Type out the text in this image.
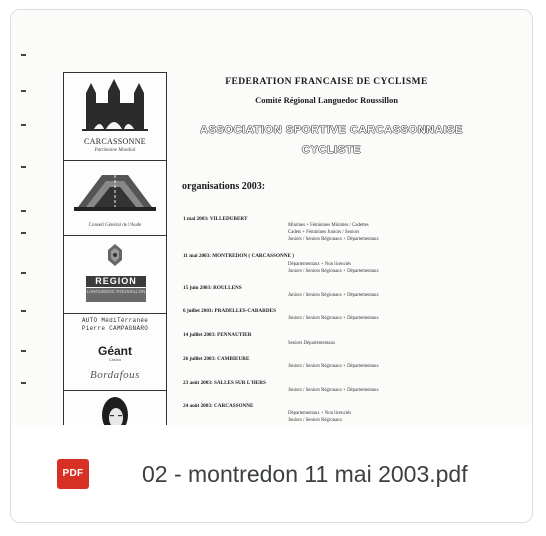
CARCASSONNE
Patrimoine Mondial
Conseil Général de l'Aude
REGION
LANGUEDOC ROUSSILLON
AUTO MédiTérranée
Pierre CAMPAGNARO
Géant
Casino
Bordafous
FEDERATION FRANCAISE DE CYCLISME
Comité Régional Languedoc Roussillon
ASSOCIATION SPORTIVE CARCASSONNAISE
CYCLISTE
organisations 2003:
1 mai 2003: VILLEDUBERT
Minimes + Féminines Minimes / Cadettes
Cadets + Féminines Juniors / Seniors
Juniors / Seniors Régionaux + Départementaux
11 mai 2003: MONTREDON ( CARCASSONNE )
Départementaux + Non licenciés
Juniors / Seniors Régionaux + Départementaux
15 juin 2003: ROULLENS
Juniors / Seniors Régionaux + Départementaux
6 juillet 2003: PRADELLES-CABARDES
Juniors / Seniors Régionaux + Départementaux
14 juillet 2003: PENNAUTIER
Seniors Départementaux
26 juillet 2003: CAMBIEURE
Juniors / Seniors Régionaux + Départementaux
23 août 2003: SALLES SUR L'HERS
Juniors / Seniors Régionaux + Départementaux
24 août 2003: CARCASSONNE
Départementaux + Non licenciés
Juniors / Seniors Régionaux
PDF	02 - montredon 11 mai 2003.pdf
